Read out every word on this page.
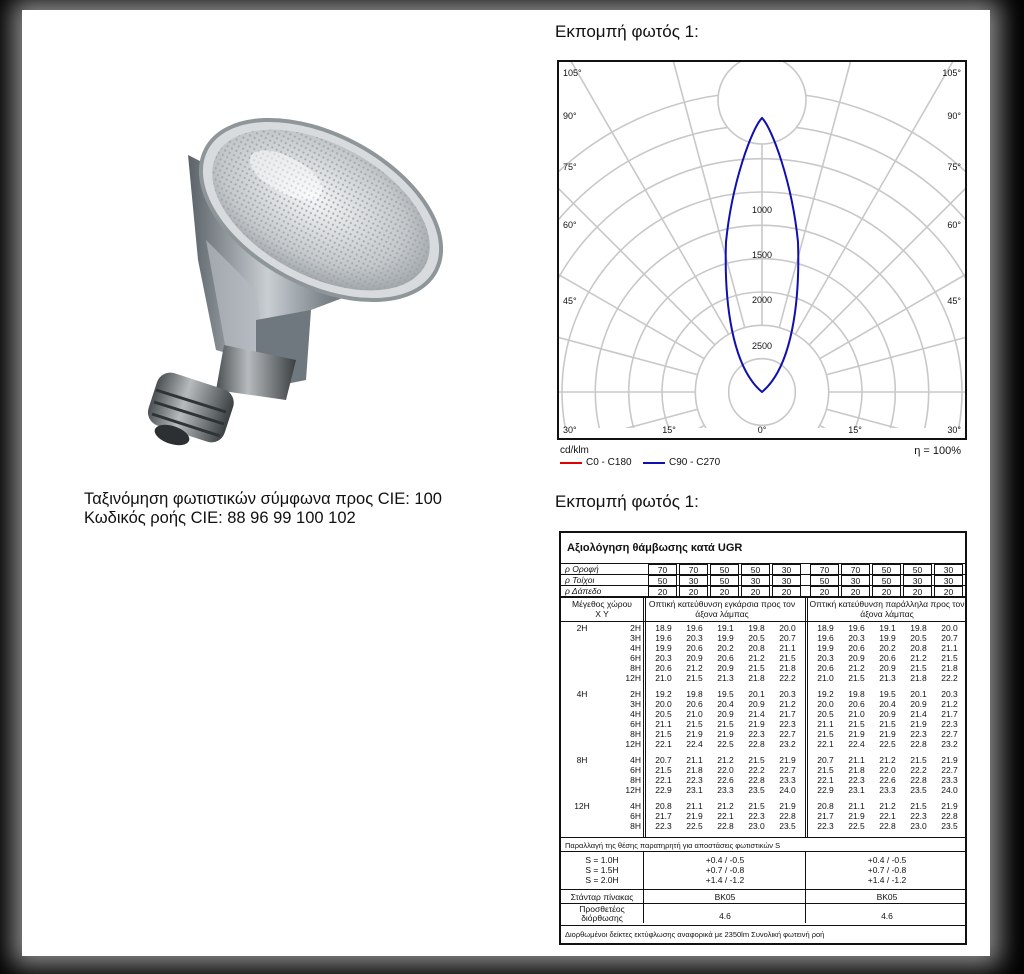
Ταξινόμηση φωτιστικών σύμφωνα προς CIE: 100
Κωδικός ροής CIE: 88 96 99 100 102
Εκπομπή φωτός 1:
1000
1500
2000
2500
105°	105°
90°	90°
75°	75°
60°	60°
45°	45°
30°	15°	0°	15°	30°
cd/klm	η = 100%
C0 - C180	C90 - C270
Εκπομπή φωτός 1:
Αξιολόγηση θάμβωσης κατά UGR
Μέγεθος χώρου
X Y
Οπτική κατεύθυνση εγκάρσια προς τον άξονα λάμπας
Οπτική κατεύθυνση παράλληλα προς τον άξονα λάμπας
Παραλλαγή της θέσης παρατηρητή για αποστάσεις φωτιστικών S
Στάνταρ πίνακας	BK05	BK05
Προσθετέος διόρθωσης	4.6	4.6
Διορθωμένοι δείκτες εκτύφλωσης αναφορικά με 2350lm Συνολική φωτεινή ροή
ρ Οροφή	70	70	50	50	30	70	70	50	50	30
ρ Τοίχοι	50	30	50	30	30	50	30	50	30	30
ρ Δάπεδο	20	20	20	20	20	20	20	20	20	20
2H	2H	18.9	19.6	19.1	19.8	20.0	18.9	19.6	19.1	19.8	20.0
3H	19.6	20.3	19.9	20.5	20.7	19.6	20.3	19.9	20.5	20.7
4H	19.9	20.6	20.2	20.8	21.1	19.9	20.6	20.2	20.8	21.1
6H	20.3	20.9	20.6	21.2	21.5	20.3	20.9	20.6	21.2	21.5
8H	20.6	21.2	20.9	21.5	21.8	20.6	21.2	20.9	21.5	21.8
12H	21.0	21.5	21.3	21.8	22.2	21.0	21.5	21.3	21.8	22.2
4H	2H	19.2	19.8	19.5	20.1	20.3	19.2	19.8	19.5	20.1	20.3
3H	20.0	20.6	20.4	20.9	21.2	20.0	20.6	20.4	20.9	21.2
4H	20.5	21.0	20.9	21.4	21.7	20.5	21.0	20.9	21.4	21.7
6H	21.1	21.5	21.5	21.9	22.3	21.1	21.5	21.5	21.9	22.3
8H	21.5	21.9	21.9	22.3	22.7	21.5	21.9	21.9	22.3	22.7
12H	22.1	22.4	22.5	22.8	23.2	22.1	22.4	22.5	22.8	23.2
8H	4H	20.7	21.1	21.2	21.5	21.9	20.7	21.1	21.2	21.5	21.9
6H	21.5	21.8	22.0	22.2	22.7	21.5	21.8	22.0	22.2	22.7
8H	22.1	22.3	22.6	22.8	23.3	22.1	22.3	22.6	22.8	23.3
12H	22.9	23.1	23.3	23.5	24.0	22.9	23.1	23.3	23.5	24.0
12H	4H	20.8	21.1	21.2	21.5	21.9	20.8	21.1	21.2	21.5	21.9
6H	21.7	21.9	22.1	22.3	22.8	21.7	21.9	22.1	22.3	22.8
8H	22.3	22.5	22.8	23.0	23.5	22.3	22.5	22.8	23.0	23.5
S = 1.0H	+0.4 / -0.5	+0.4 / -0.5
S = 1.5H	+0.7 / -0.8	+0.7 / -0.8
S = 2.0H	+1.4 / -1.2	+1.4 / -1.2
